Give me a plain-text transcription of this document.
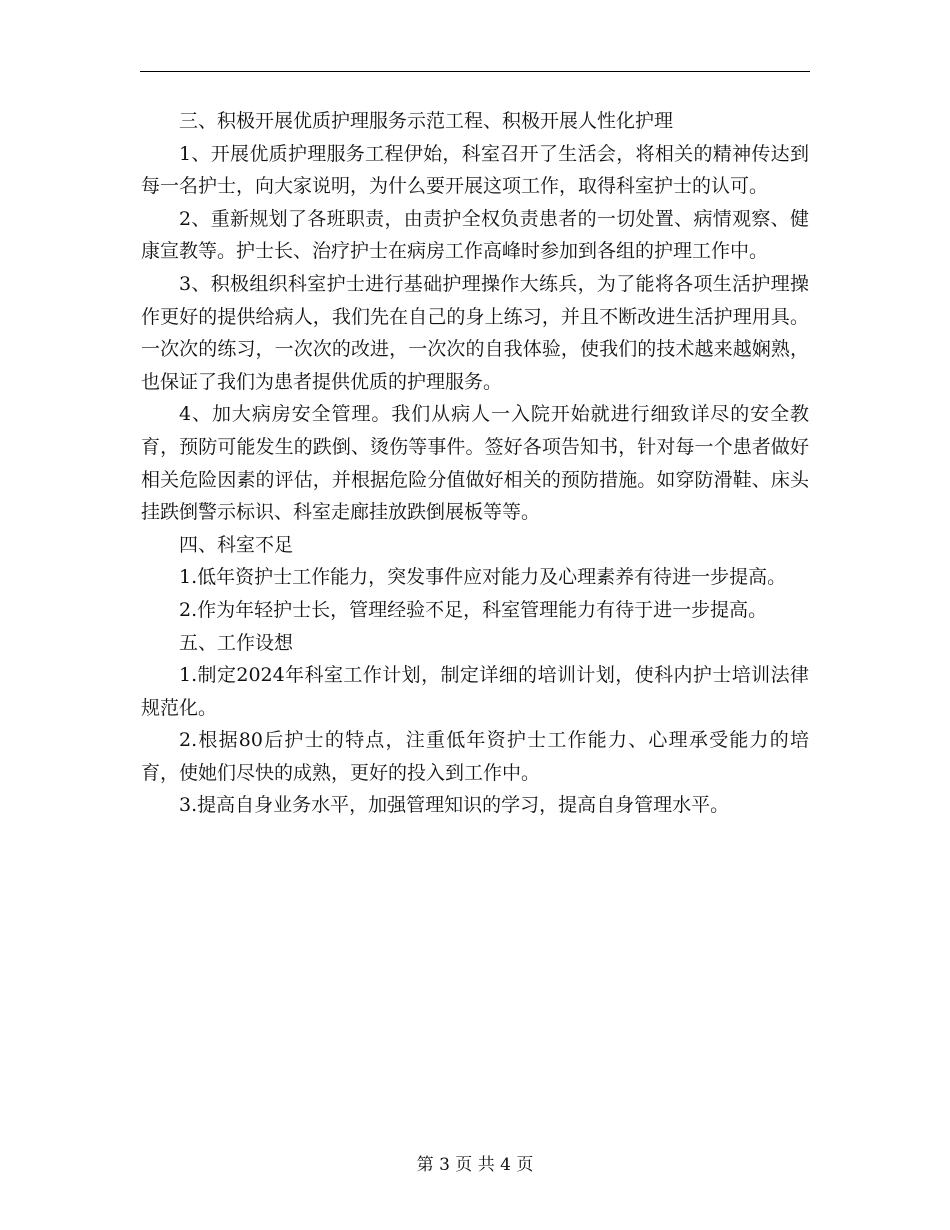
三、积极开展优质护理服务示范工程、积极开展人性化护理

1、开展优质护理服务工程伊始，科室召开了生活会，将相关的精神传达到每一名护士，向大家说明，为什么要开展这项工作，取得科室护士的认可。

2、重新规划了各班职责，由责护全权负责患者的一切处置、病情观察、健康宣教等。护士长、治疗护士在病房工作高峰时参加到各组的护理工作中。

3、积极组织科室护士进行基础护理操作大练兵，为了能将各项生活护理操作更好的提供给病人，我们先在自己的身上练习，并且不断改进生活护理用具。一次次的练习，一次次的改进，一次次的自我体验，使我们的技术越来越娴熟，也保证了我们为患者提供优质的护理服务。

4、加大病房安全管理。我们从病人一入院开始就进行细致详尽的安全教育，预防可能发生的跌倒、烫伤等事件。签好各项告知书，针对每一个患者做好相关危险因素的评估，并根据危险分值做好相关的预防措施。如穿防滑鞋、床头挂跌倒警示标识、科室走廊挂放跌倒展板等等。

四、科室不足

1.低年资护士工作能力，突发事件应对能力及心理素养有待进一步提高。

2.作为年轻护士长，管理经验不足，科室管理能力有待于进一步提高。

五、工作设想

1.制定2024年科室工作计划，制定详细的培训计划，使科内护士培训法律规范化。

2.根据80后护士的特点，注重低年资护士工作能力、心理承受能力的培育，使她们尽快的成熟，更好的投入到工作中。

3.提高自身业务水平，加强管理知识的学习，提高自身管理水平。

第 3 页 共 4 页
